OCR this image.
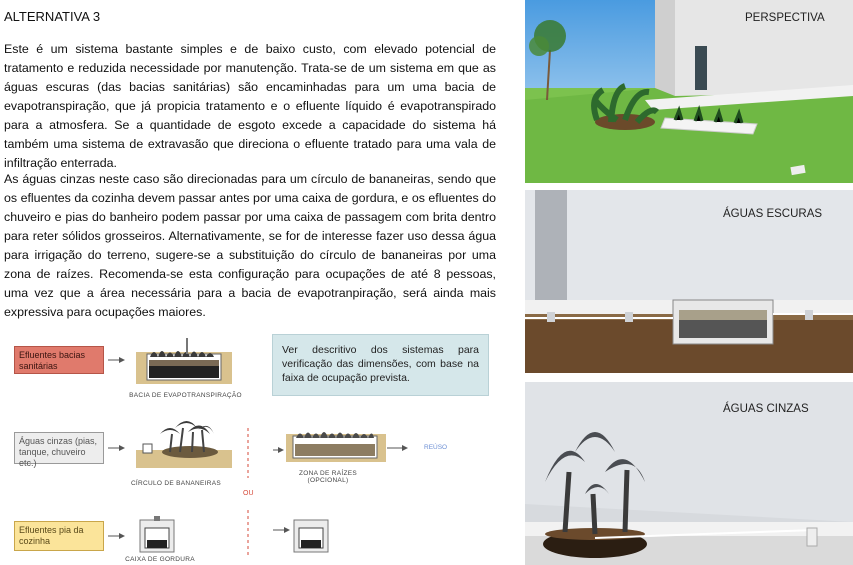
ALTERNATIVA 3

Este é um sistema bastante simples e de baixo custo, com elevado potencial de tratamento e reduzida necessidade por manutenção. Trata-se de um sistema em que as águas escuras (das bacias sanitárias) são encaminhadas para um uma bacia de evapotranspiração, que já propicia tratamento e o efluente líquido é evapotranspirado para a atmosfera. Se a quantidade de esgoto excede a capacidade do sistema há também uma sistema de extravasão que direciona o efluente tratado para uma vala de infiltração enterrada.

As águas cinzas neste caso são direcionadas para um círculo de bananeiras, sendo que os efluentes da cozinha devem passar antes por uma caixa de gordura, e os efluentes do chuveiro e pias do banheiro podem passar por uma caixa de passagem com brita dentro para reter sólidos grosseiros. Alternativamente, se for de interesse fazer uso dessa água para irrigação do terreno, sugere-se a substituição do círculo de bananeiras por uma zona de raízes. Recomenda-se esta configuração para ocupações de até 8 pessoas, uma vez que a área necessária para a bacia de evapotranpiração, será ainda mais expressiva para ocupações maiores.

Efluentes bacias sanitárias
Águas cinzas (pias, tanque, chuveiro etc.)
Efluentes pia da cozinha
BACIA DE EVAPOTRANSPIRAÇÃO
CÍRCULO DE BANANEIRAS
ZONA DE RAÍZES (OPCIONAL)
CAIXA DE GORDURA
OU
REÚSO
Ver descritivo dos sistemas para verificação das dimensões, com base na faixa de ocupação prevista.
PERSPECTIVA
ÁGUAS ESCURAS
ÁGUAS CINZAS
